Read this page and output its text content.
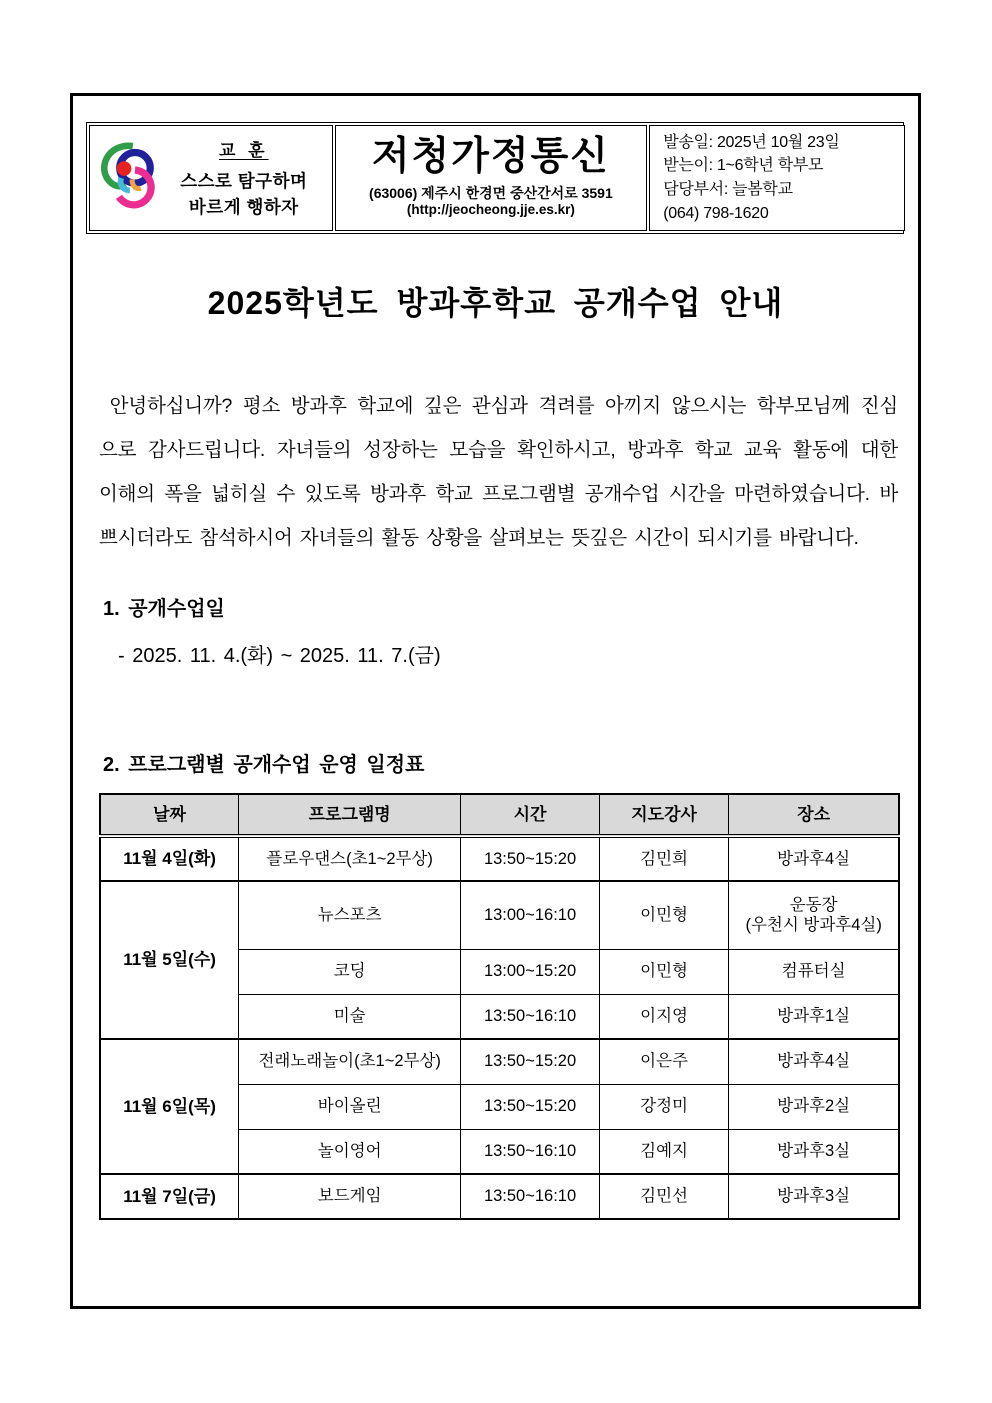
교 훈
스스로 탐구하며
바르게 행하자
저청가정통신
(63006) 제주시 한경면 중산간서로 3591
(http://jeocheong.jje.es.kr)
발송일: 2025년 10월 23일
받는이: 1~6학년 학부모
담당부서: 늘봄학교
(064) 798-1620
2025학년도 방과후학교 공개수업 안내
안녕하십니까? 평소 방과후 학교에 깊은 관심과 격려를 아끼지 않으시는 학부모님께 진심
으로 감사드립니다. 자녀들의 성장하는 모습을 확인하시고, 방과후 학교 교육 활동에 대한
이해의 폭을 넓히실 수 있도록 방과후 학교 프로그램별 공개수업 시간을 마련하였습니다. 바
쁘시더라도 참석하시어 자녀들의 활동 상황을 살펴보는 뜻깊은 시간이 되시기를 바랍니다.
1. 공개수업일
- 2025. 11. 4.(화) ~ 2025. 11. 7.(금)
2. 프로그램별 공개수업 운영 일정표
날짜	프로그램명	시간	지도강사	장소
11월 4일(화)	플로우댄스(초1~2무상)	13:50~15:20	김민희	방과후4실
11월 5일(수)	뉴스포츠	13:00~16:10	이민형	운동장
(우천시 방과후4실)

	코딩	13:00~15:20	이민형	컴퓨터실
	미술	13:50~16:10	이지영	방과후1실
11월 6일(목)	전래노래놀이(초1~2무상)	13:50~15:20	이은주	방과후4실
	바이올린	13:50~15:20	강정미	방과후2실
	놀이영어	13:50~16:10	김예지	방과후3실
11월 7일(금)	보드게임	13:50~16:10	김민선	방과후3실
